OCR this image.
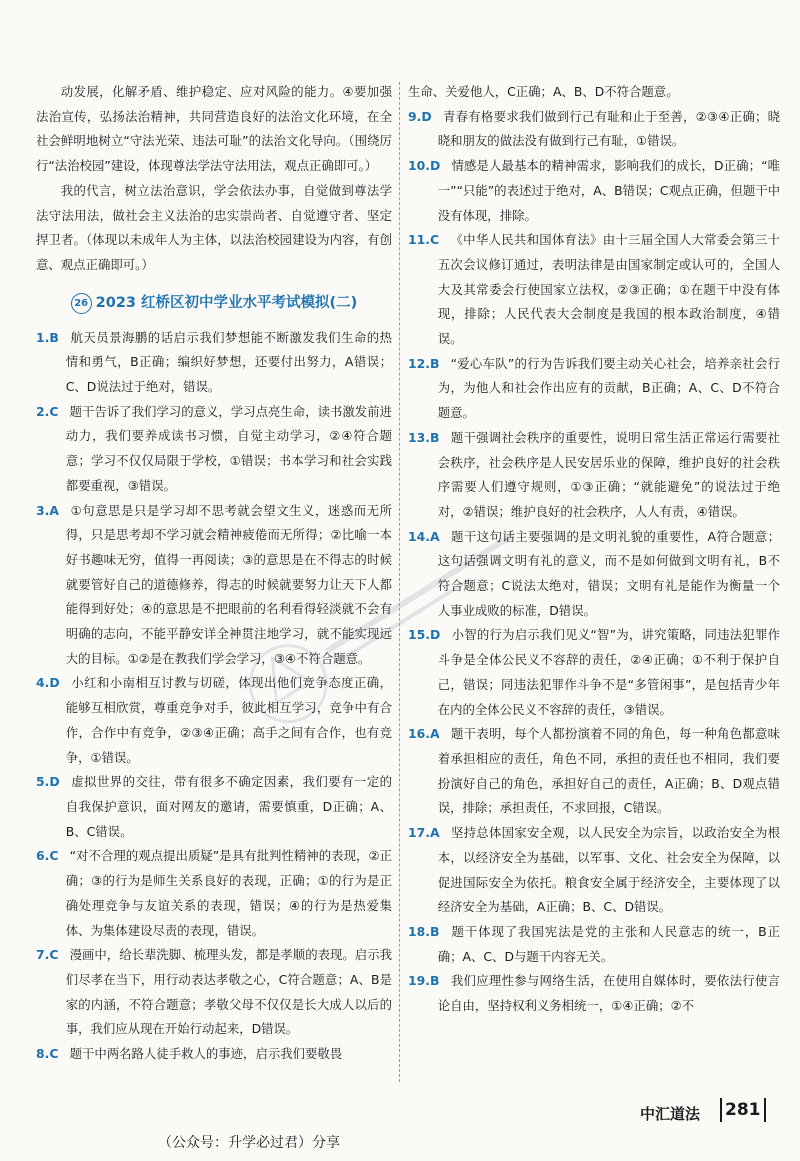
动发展，化解矛盾、维护稳定、应对风险的能力。④要加强法治宣传，弘扬法治精神，共同营造良好的法治文化环境，在全社会鲜明地树立“守法光荣、违法可耻”的法治文化导向。（围绕厉行“法治校园”建设，体现尊法学法守法用法，观点正确即可。）

我的代言，树立法治意识，学会依法办事，自觉做到尊法学法守法用法，做社会主义法治的忠实崇尚者、自觉遵守者、坚定捍卫者。（体现以未成年人为主体，以法治校园建设为内容，有创意、观点正确即可。）

26 2023 红桥区初中学业水平考试模拟(二)

1.B 航天员景海鹏的话启示我们梦想能不断激发我们生命的热情和勇气，B正确；编织好梦想，还要付出努力，A错误；C、D说法过于绝对，错误。

2.C 题干告诉了我们学习的意义，学习点亮生命，读书激发前进动力，我们要养成读书习惯，自觉主动学习，②④符合题意；学习不仅仅局限于学校，①错误；书本学习和社会实践都要重视，③错误。

3.A ①句意思是只是学习却不思考就会望文生义，迷惑而无所得，只是思考却不学习就会精神疲倦而无所得；②比喻一本好书趣味无穷，值得一再阅读；③的意思是在不得志的时候就要管好自己的道德修养，得志的时候就要努力让天下人都能得到好处；④的意思是不把眼前的名利看得轻淡就不会有明确的志向，不能平静安详全神贯注地学习，就不能实现远大的目标。①②是在教我们学会学习，③④不符合题意。

4.D 小红和小南相互讨教与切磋，体现出他们竞争态度正确，能够互相欣赏，尊重竞争对手，彼此相互学习，竞争中有合作，合作中有竞争，②③④正确；高手之间有合作，也有竞争，①错误。

5.D 虚拟世界的交往，带有很多不确定因素，我们要有一定的自我保护意识，面对网友的邀请，需要慎重，D正确；A、B、C错误。

6.C “对不合理的观点提出质疑”是具有批判性精神的表现，②正确；③的行为是师生关系良好的表现，正确；①的行为是正确处理竞争与友谊关系的表现，错误；④的行为是热爱集体、为集体建设尽责的表现，错误。

7.C 漫画中，给长辈洗脚、梳理头发，都是孝顺的表现。启示我们尽孝在当下，用行动表达孝敬之心，C符合题意；A、B是家的内涵，不符合题意；孝敬父母不仅仅是长大成人以后的事，我们应从现在开始行动起来，D错误。

8.C 题干中两名路人徒手救人的事迹，启示我们要敬畏

生命、关爱他人，C正确；A、B、D不符合题意。

9.D 青春有格要求我们做到行己有耻和止于至善，②③④正确；晓晓和朋友的做法没有做到行己有耻，①错误。

10.D 情感是人最基本的精神需求，影响我们的成长，D正确；“唯一”“只能”的表述过于绝对，A、B错误；C观点正确，但题干中没有体现，排除。

11.C 《中华人民共和国体育法》由十三届全国人大常委会第三十五次会议修订通过，表明法律是由国家制定或认可的，全国人大及其常委会行使国家立法权，②③正确；①在题干中没有体现，排除；人民代表大会制度是我国的根本政治制度，④错误。

12.B “爱心车队”的行为告诉我们要主动关心社会，培养亲社会行为，为他人和社会作出应有的贡献，B正确；A、C、D不符合题意。

13.B 题干强调社会秩序的重要性，说明日常生活正常运行需要社会秩序，社会秩序是人民安居乐业的保障，维护良好的社会秩序需要人们遵守规则，①③正确；“就能避免”的说法过于绝对，②错误；维护良好的社会秩序，人人有责，④错误。

14.A 题干这句话主要强调的是文明礼貌的重要性，A符合题意；这句话强调文明有礼的意义，而不是如何做到文明有礼，B不符合题意；C说法太绝对，错误；文明有礼是能作为衡量一个人事业成败的标准，D错误。

15.D 小智的行为启示我们见义“智”为，讲究策略，同违法犯罪作斗争是全体公民义不容辞的责任，②④正确；①不利于保护自己，错误；同违法犯罪作斗争不是“多管闲事”，是包括青少年在内的全体公民义不容辞的责任，③错误。

16.A 题干表明，每个人都扮演着不同的角色，每一种角色都意味着承担相应的责任，角色不同，承担的责任也不相同，我们要扮演好自己的角色，承担好自己的责任，A正确；B、D观点错误，排除；承担责任，不求回报，C错误。

17.A 坚持总体国家安全观，以人民安全为宗旨，以政治安全为根本，以经济安全为基础，以军事、文化、社会安全为保障，以促进国际安全为依托。粮食安全属于经济安全，主要体现了以经济安全为基础，A正确；B、C、D错误。

18.B 题干体现了我国宪法是党的主张和人民意志的统一，B正确；A、C、D与题干内容无关。

19.B 我们应理性参与网络生活，在使用自媒体时，要依法行使言论自由，坚持权利义务相统一，①④正确；②不

中汇道法 281
（公众号：升学必过君）分享
